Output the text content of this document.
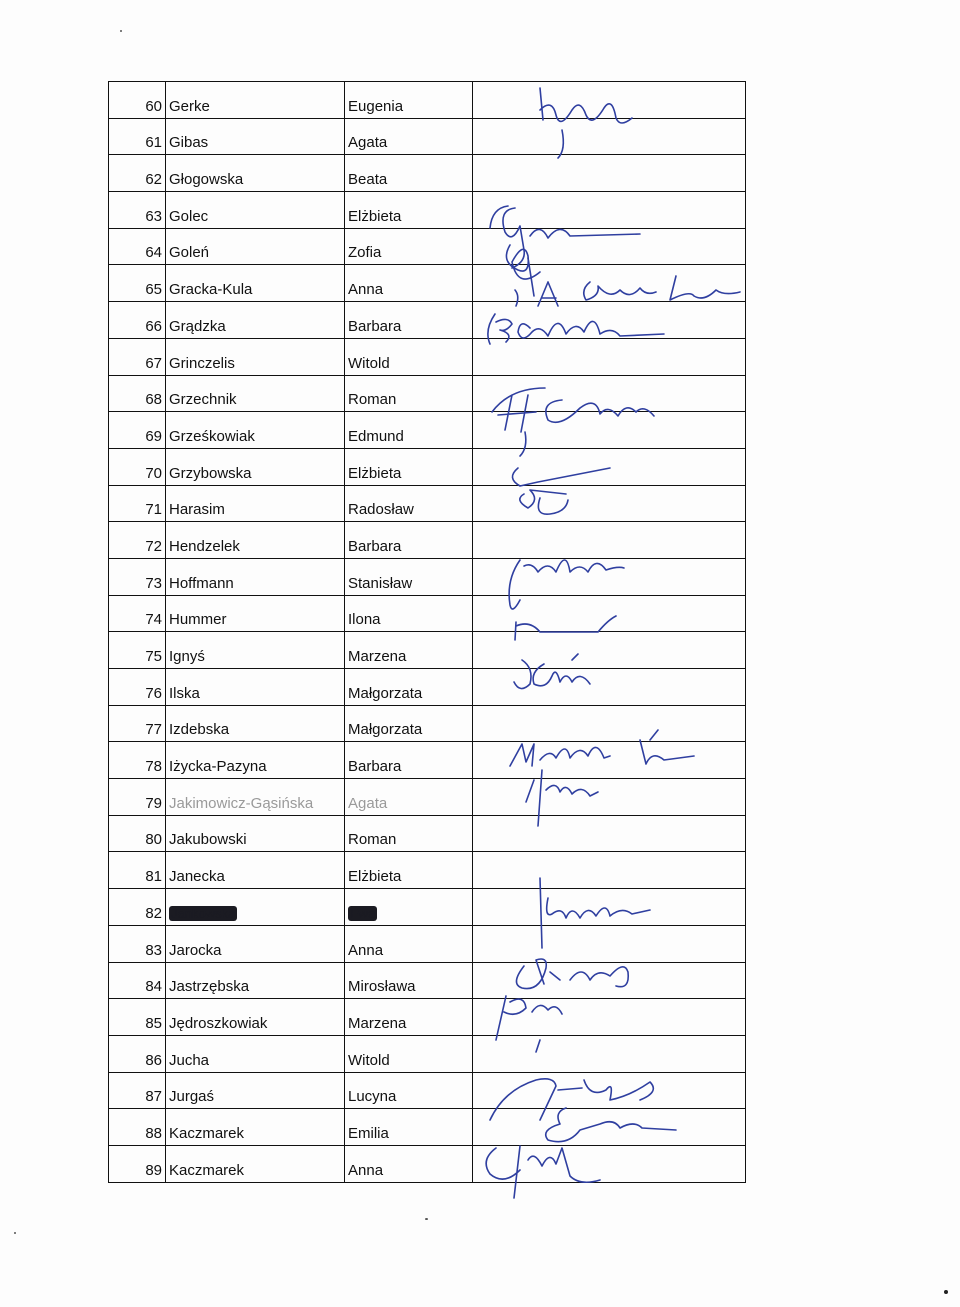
60	Gerke	Eugenia	
61	Gibas	Agata	
62	Głogowska	Beata	
63	Golec	Elżbieta	
64	Goleń	Zofia	
65	Gracka-Kula	Anna	
66	Grądzka	Barbara	
67	Grinczelis	Witold	
68	Grzechnik	Roman	
69	Grześkowiak	Edmund	
70	Grzybowska	Elżbieta	
71	Harasim	Radosław	
72	Hendzelek	Barbara	
73	Hoffmann	Stanisław	
74	Hummer	Ilona	
75	Ignyś	Marzena	
76	Ilska	Małgorzata	
77	Izdebska	Małgorzata	
78	Iżycka-Pazyna	Barbara	
79	Jakimowicz-Gąsińska	Agata	
80	Jakubowski	Roman	
81	Janecka	Elżbieta	
82	Jankowska	Ewa	
83	Jarocka	Anna	
84	Jastrzębska	Mirosława	
85	Jędroszkowiak	Marzena	
86	Jucha	Witold	
87	Jurgaś	Lucyna	
88	Kaczmarek	Emilia	
89	Kaczmarek	Anna	
